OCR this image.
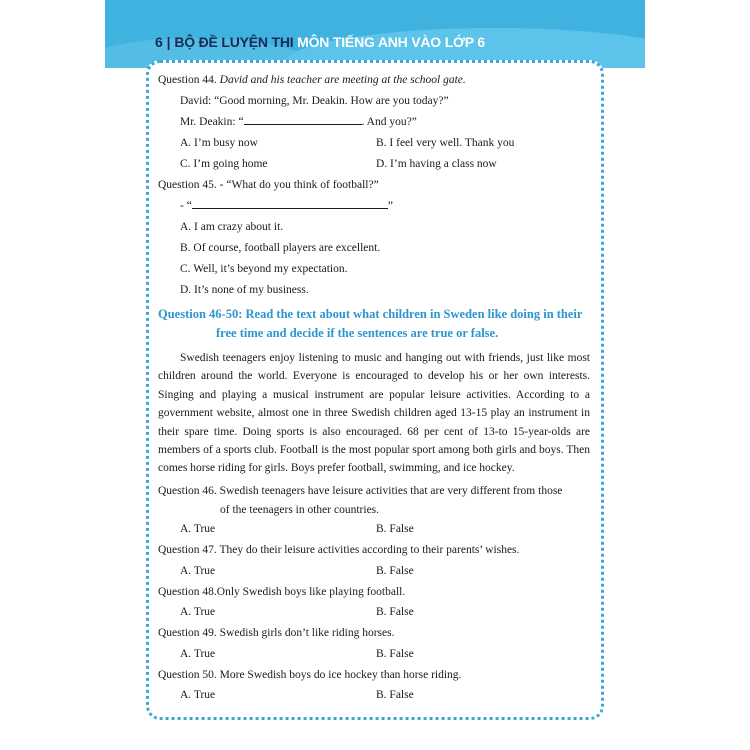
6 | BỘ ĐỀ LUYỆN THI MÔN TIẾNG ANH VÀO LỚP 6
Question 44. David and his teacher are meeting at the school gate.
David: “Good morning, Mr. Deakin. How are you today?”
Mr. Deakin: “	. And you?”
A. I’m busy now	B. I feel very well. Thank you
C. I’m going home	D. I’m having a class now
Question 45. - “What do you think of football?”
- “	”
A. I am crazy about it.
B. Of course, football players are excellent.
C. Well, it’s beyond my expectation.
D. It’s none of my business.
Question 46-50: Read the text about what children in Sweden like doing in their
free time and decide if the sentences are true or false.
Swedish teenagers enjoy listening to music and hanging out with friends, just like most children around the world. Everyone is encouraged to develop his or her own interests. Singing and playing a musical instrument are popular leisure activities. According to a government website, almost one in three Swedish children aged 13-15 play an instrument in their spare time. Doing sports is also encouraged. 68 per cent of 13-to 15-year-olds are members of a sports club. Football is the most popular sport among both girls and boys. Then comes horse riding for girls. Boys prefer football, swimming, and ice hockey.
Question 46. Swedish teenagers have leisure activities that are very different from those
of the teenagers in other countries.
A. True	B. False
Question 47. They do their leisure activities according to their parents’ wishes.
A. True	B. False
Question 48.Only Swedish boys like playing football.
A. True	B. False
Question 49. Swedish girls don’t like riding horses.
A. True	B. False
Question 50. More Swedish boys do ice hockey than horse riding.
A. True	B. False
